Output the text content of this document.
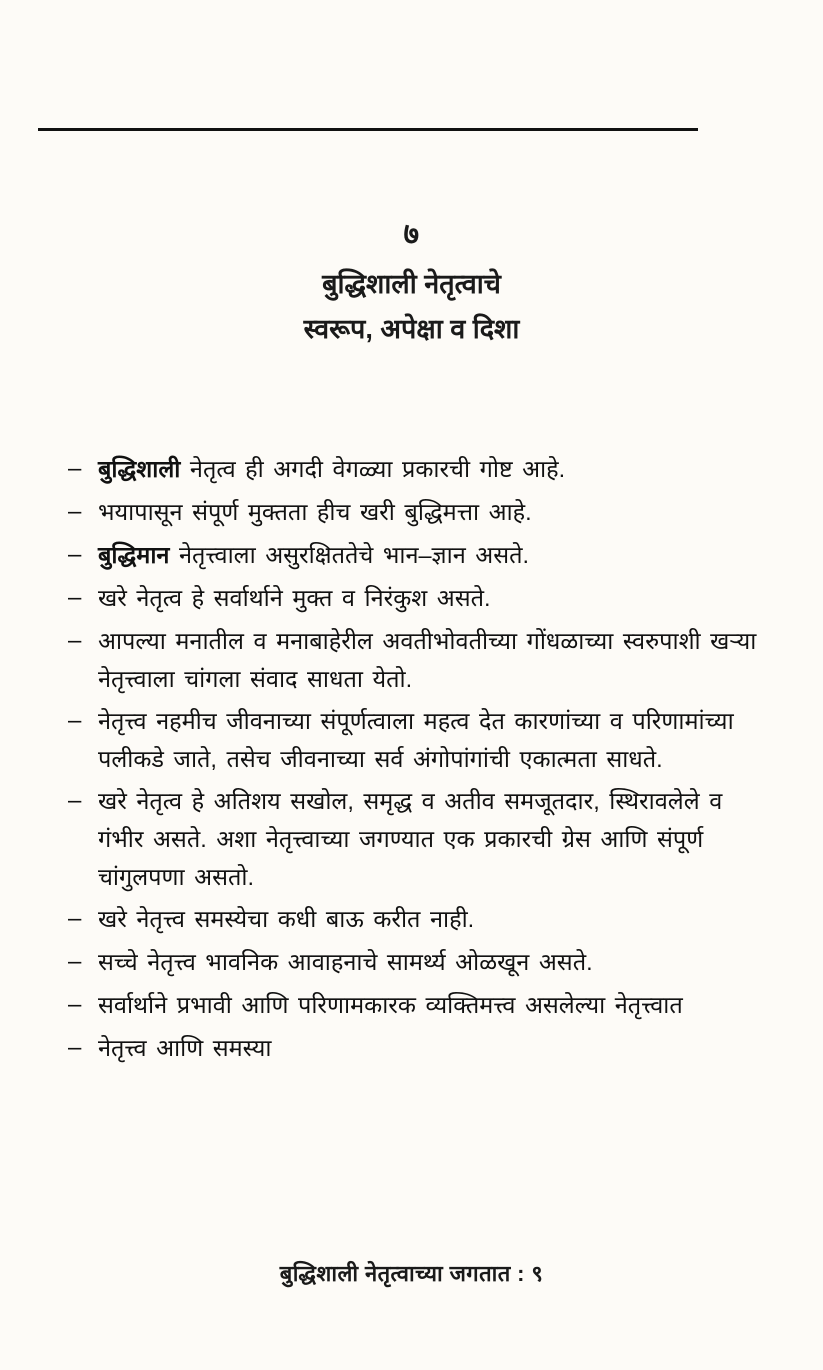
७
बुद्धिशाली नेतृत्वाचे
स्वरूप, अपेक्षा व दिशा
– बुद्धिशाली नेतृत्व ही अगदी वेगळ्या प्रकारची गोष्ट आहे.
– भयापासून संपूर्ण मुक्तता हीच खरी बुद्धिमत्ता आहे.
– बुद्धिमान नेतृत्त्वाला असुरक्षिततेचे भान–ज्ञान असते.
– खरे नेतृत्व हे सर्वार्थाने मुक्त व निरंकुश असते.
– आपल्या मनातील व मनाबाहेरील अवतीभोवतीच्या गोंधळाच्या स्वरुपाशी खऱ्या नेतृत्त्वाला चांगला संवाद साधता येतो.
– नेतृत्त्व नहमीच जीवनाच्या संपूर्णत्वाला महत्व देत कारणांच्या व परिणामांच्या पलीकडे जाते, तसेच जीवनाच्या सर्व अंगोपांगांची एकात्मता साधते.
– खरे नेतृत्व हे अतिशय सखोल, समृद्ध व अतीव समजूतदार, स्थिरावलेले व गंभीर असते. अशा नेतृत्त्वाच्या जगण्यात एक प्रकारची ग्रेस आणि संपूर्ण चांगुलपणा असतो.
– खरे नेतृत्त्व समस्येचा कधी बाऊ करीत नाही.
– सच्चे नेतृत्त्व भावनिक आवाहनाचे सामर्थ्य ओळखून असते.
– सर्वार्थाने प्रभावी आणि परिणामकारक व्यक्तिमत्त्व असलेल्या नेतृत्त्वात
– नेतृत्त्व आणि समस्या
बुद्धिशाली नेतृत्वाच्या जगतात : ९
